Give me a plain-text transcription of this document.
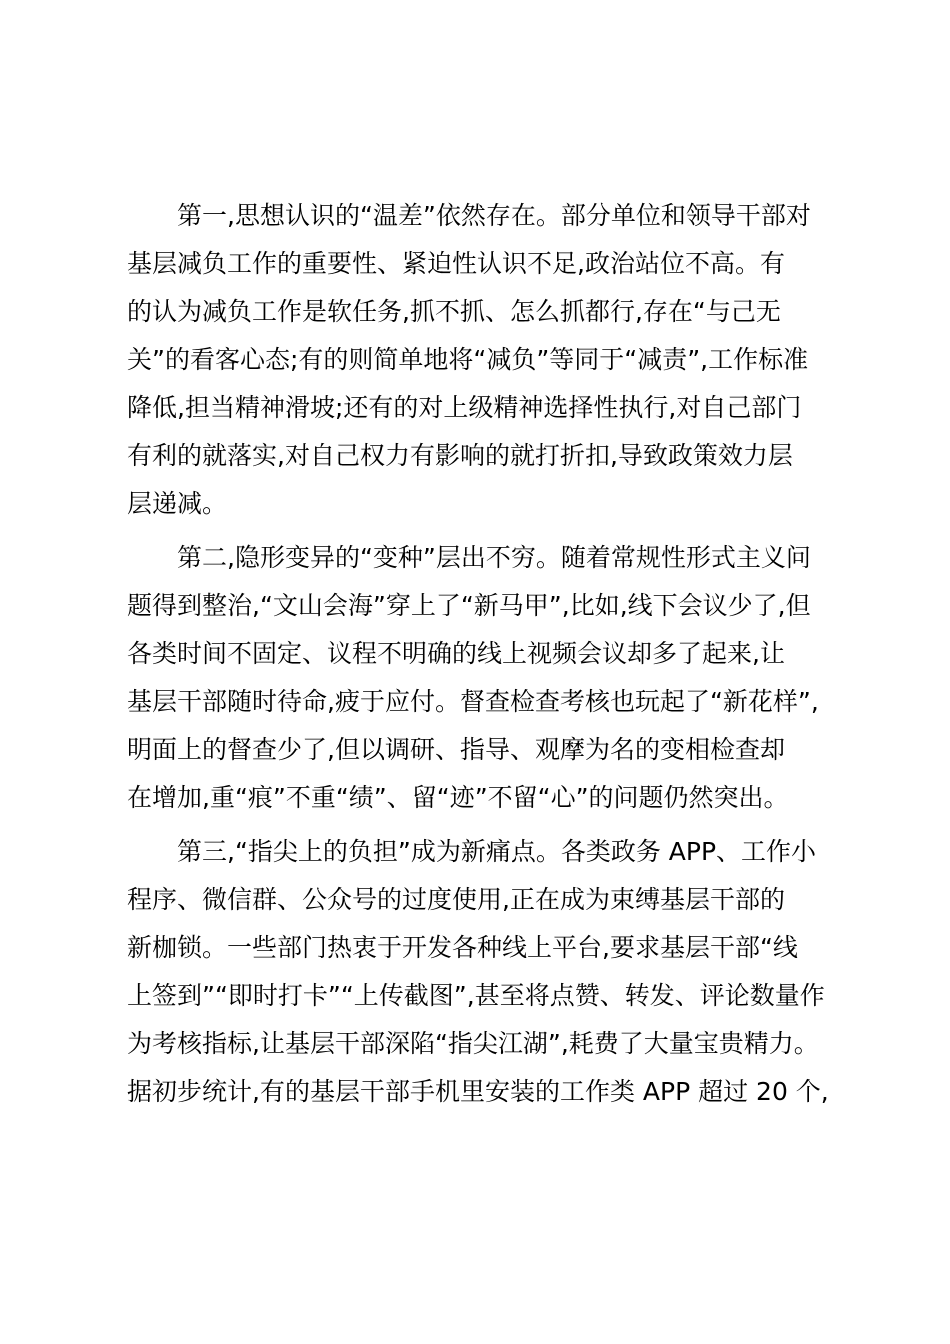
第一,思想认识的“温差”依然存在。部分单位和领导干部对
基层减负工作的重要性、紧迫性认识不足,政治站位不高。有
的认为减负工作是软任务,抓不抓、怎么抓都行,存在“与己无
关”的看客心态;有的则简单地将“减负”等同于“减责”,工作标准
降低,担当精神滑坡;还有的对上级精神选择性执行,对自己部门
有利的就落实,对自己权力有影响的就打折扣,导致政策效力层
层递减。

第二,隐形变异的“变种”层出不穷。随着常规性形式主义问
题得到整治,“文山会海”穿上了“新马甲”,比如,线下会议少了,但
各类时间不固定、议程不明确的线上视频会议却多了起来,让
基层干部随时待命,疲于应付。督查检查考核也玩起了“新花样”,
明面上的督查少了,但以调研、指导、观摩为名的变相检查却
在增加,重“痕”不重“绩”、留“迹”不留“心”的问题仍然突出。

第三,“指尖上的负担”成为新痛点。各类政务 APP、工作小
程序、微信群、公众号的过度使用,正在成为束缚基层干部的
新枷锁。一些部门热衷于开发各种线上平台,要求基层干部“线
上签到”“即时打卡”“上传截图”,甚至将点赞、转发、评论数量作
为考核指标,让基层干部深陷“指尖江湖”,耗费了大量宝贵精力。
据初步统计,有的基层干部手机里安装的工作类 APP 超过 20 个,
